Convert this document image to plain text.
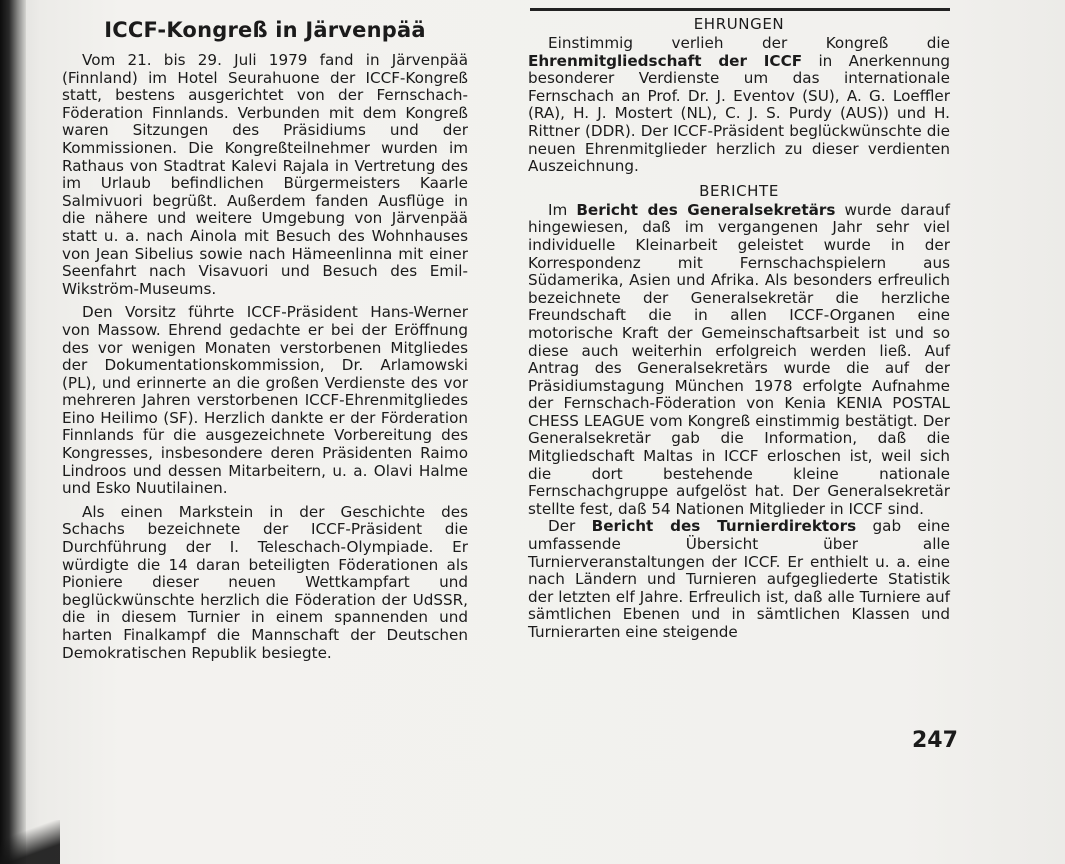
ICCF-Kongreß in Järvenpää

Vom 21. bis 29. Juli 1979 fand in Järvenpää (Finnland) im Hotel Seurahuone der ICCF-Kongreß statt, bestens ausgerichtet von der Fernschach-Föderation Finnlands. Verbunden mit dem Kongreß waren Sitzungen des Präsidiums und der Kommissionen. Die Kongreßteilnehmer wurden im Rathaus von Stadtrat Kalevi Rajala in Vertretung des im Urlaub befindlichen Bürgermeisters Kaarle Salmivuori begrüßt. Außerdem fanden Ausflüge in die nähere und weitere Umgebung von Järvenpää statt u. a. nach Ainola mit Besuch des Wohnhauses von Jean Sibelius sowie nach Hämeenlinna mit einer Seenfahrt nach Visavuori und Besuch des Emil-Wikström-Museums.

Den Vorsitz führte ICCF-Präsident Hans-Werner von Massow. Ehrend gedachte er bei der Eröffnung des vor wenigen Monaten verstorbenen Mitgliedes der Dokumentationskommission, Dr. Arlamowski (PL), und erinnerte an die großen Verdienste des vor mehreren Jahren verstorbenen ICCF-Ehrenmitgliedes Eino Heilimo (SF). Herzlich dankte er der Förderation Finnlands für die ausgezeichnete Vorbereitung des Kongresses, insbesondere deren Präsidenten Raimo Lindroos und dessen Mitarbeitern, u. a. Olavi Halme und Esko Nuutilainen.

Als einen Markstein in der Geschichte des Schachs bezeichnete der ICCF-Präsident die Durchführung der I. Teleschach-Olympiade. Er würdigte die 14 daran beteiligten Föderationen als Pioniere dieser neuen Wettkampfart und beglückwünschte herzlich die Föderation der UdSSR, die in diesem Turnier in einem spannenden und harten Finalkampf die Mannschaft der Deutschen Demokratischen Republik besiegte.

EHRUNGEN

Einstimmig verlieh der Kongreß die Ehrenmitgliedschaft der ICCF in Anerkennung besonderer Verdienste um das internationale Fernschach an Prof. Dr. J. Eventov (SU), A. G. Loeffler (RA), H. J. Mostert (NL), C. J. S. Purdy (AUS)) und H. Rittner (DDR). Der ICCF-Präsident beglückwünschte die neuen Ehrenmitglieder herzlich zu dieser verdienten Auszeichnung.

BERICHTE

Im Bericht des Generalsekretärs wurde darauf hingewiesen, daß im vergangenen Jahr sehr viel individuelle Kleinarbeit geleistet wurde in der Korrespondenz mit Fernschachspielern aus Südamerika, Asien und Afrika. Als besonders erfreulich bezeichnete der Generalsekretär die herzliche Freundschaft die in allen ICCF-Organen eine motorische Kraft der Gemeinschaftsarbeit ist und so diese auch weiterhin erfolgreich werden ließ. Auf Antrag des Generalsekretärs wurde die auf der Präsidiumstagung München 1978 erfolgte Aufnahme der Fernschach-Föderation von Kenia KENIA POSTAL CHESS LEAGUE vom Kongreß einstimmig bestätigt. Der Generalsekretär gab die Information, daß die Mitgliedschaft Maltas in ICCF erloschen ist, weil sich die dort bestehende kleine nationale Fernschachgruppe aufgelöst hat. Der Generalsekretär stellte fest, daß 54 Nationen Mitglieder in ICCF sind.

Der Bericht des Turnierdirektors gab eine umfassende Übersicht über alle Turnierveranstaltungen der ICCF. Er enthielt u. a. eine nach Ländern und Turnieren aufgegliederte Statistik der letzten elf Jahre. Erfreulich ist, daß alle Turniere auf sämtlichen Ebenen und in sämtlichen Klassen und Turnierarten eine steigende

247
